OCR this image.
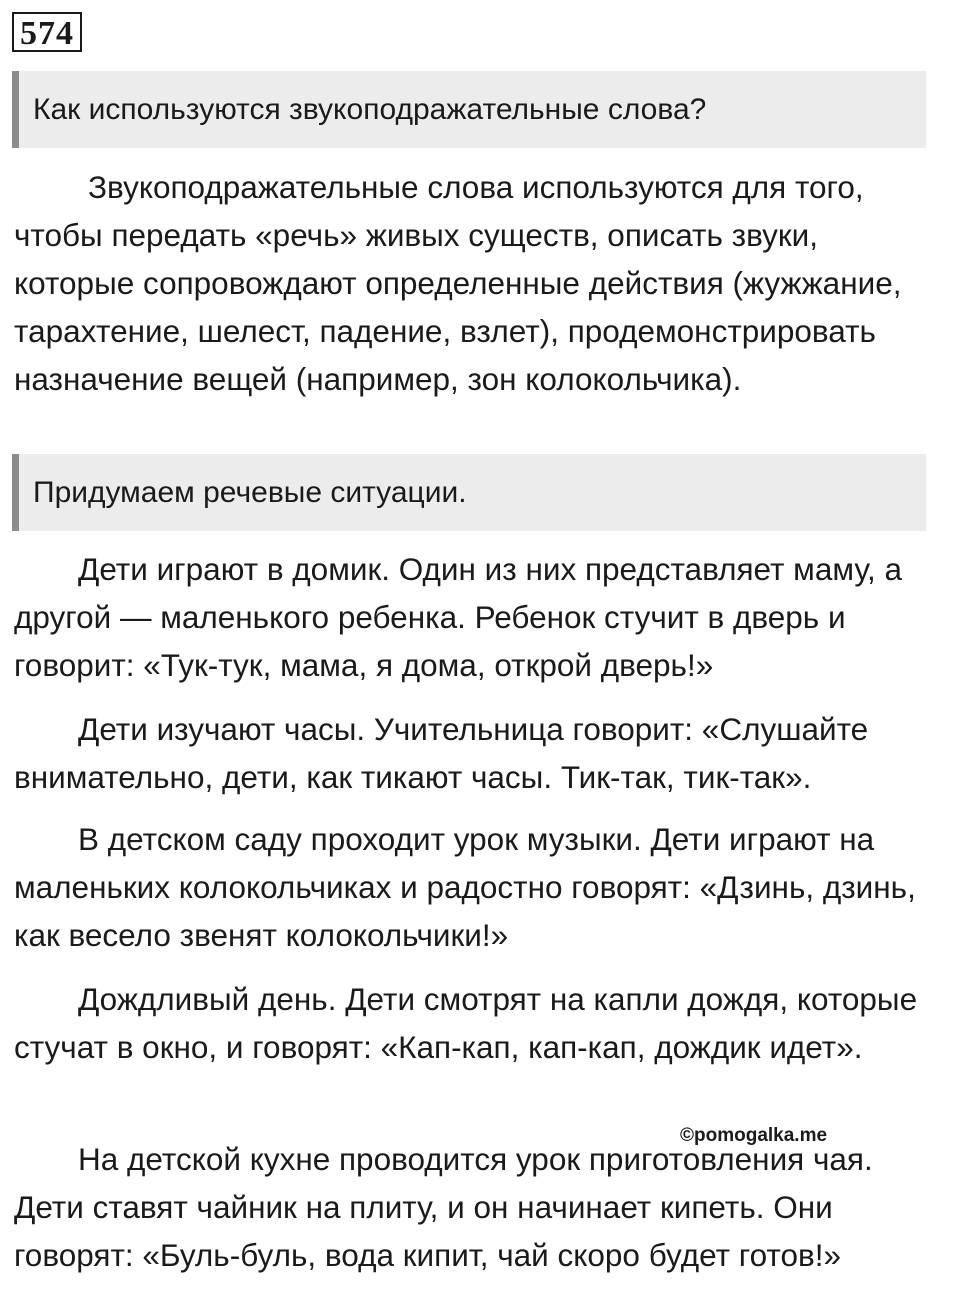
574
Как используются звукоподражательные слова?

Звукоподражательные слова используются для того, чтобы передать «речь» живых существ, описать звуки, которые сопровождают определенные действия (жужжание, тарахтение, шелест, падение, взлет), продемонстрировать назначение вещей (например, зон колокольчика).

Придумаем речевые ситуации.

Дети играют в домик. Один из них представляет маму, а другой — маленького ребенка. Ребенок стучит в дверь и говорит: «Тук-тук, мама, я дома, открой дверь!»

Дети изучают часы. Учительница говорит: «Слушайте внимательно, дети, как тикают часы. Тик-так, тик-так».

В детском саду проходит урок музыки. Дети играют на маленьких колокольчиках и радостно говорят: «Дзинь, дзинь, как весело звенят колокольчики!»

Дождливый день. Дети смотрят на капли дождя, которые стучат в окно, и говорят: «Кап-кап, кап-кап, дождик идет».

©pomogalka.me

На детской кухне проводится урок приготовления чая. Дети ставят чайник на плиту, и он начинает кипеть. Они говорят: «Буль-буль, вода кипит, чай скоро будет готов!»
